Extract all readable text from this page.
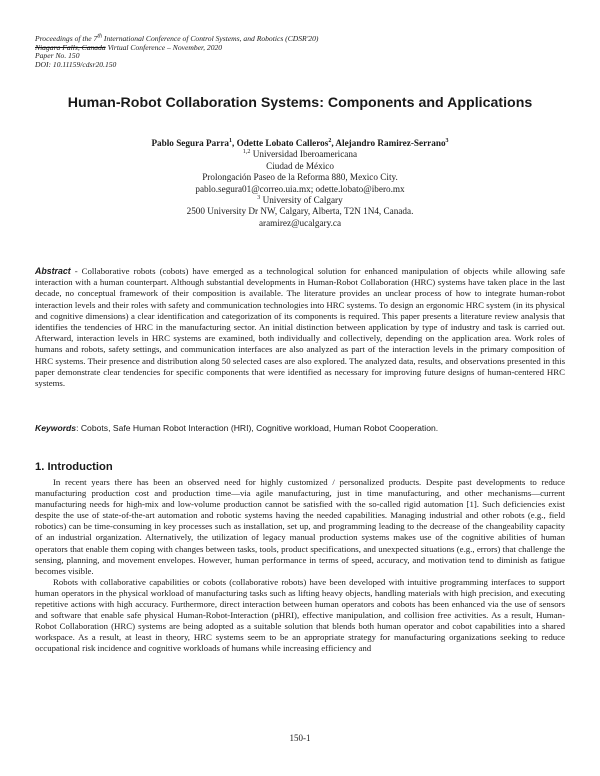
Proceedings of the 7th International Conference of Control Systems, and Robotics (CDSR'20)
Niagara Falls, Canada Virtual Conference – November, 2020
Paper No. 150
DOI: 10.11159/cdsr20.150
Human-Robot Collaboration Systems: Components and Applications
Pablo Segura Parra$^1$, Odette Lobato Calleros$^2$, Alejandro Ramirez-Serrano$^3$
$^{1,2}$ Universidad Iberoamericana
Ciudad de México
Prolongación Paseo de la Reforma 880, Mexico City.
pablo.segura01@correo.uia.mx; odette.lobato@ibero.mx
$^3$ University of Calgary
2500 University Dr NW, Calgary, Alberta, T2N 1N4, Canada.
aramirez@ucalgary.ca
Abstract - Collaborative robots (cobots) have emerged as a technological solution for enhanced manipulation of objects while allowing safe interaction with a human counterpart. Although substantial developments in Human-Robot Collaboration (HRC) systems have taken place in the last decade, no conceptual framework of their composition is available. The literature provides an unclear process of how to integrate human-robot interaction levels and their roles with safety and communication technologies into HRC systems. To design an ergonomic HRC system (in its physical and cognitive dimensions) a clear identification and categorization of its components is required. This paper presents a literature review analysis that identifies the tendencies of HRC in the manufacturing sector. An initial distinction between application by type of industry and task is carried out. Afterward, interaction levels in HRC systems are examined, both individually and collectively, depending on the application area. Work roles of humans and robots, safety settings, and communication interfaces are also analyzed as part of the interaction levels in the primary composition of HRC systems. Their presence and distribution along 50 selected cases are also explored. The analyzed data, results, and observations presented in this paper demonstrate clear tendencies for specific components that were identified as necessary for improving future designs of human-centered HRC systems.
Keywords: Cobots, Safe Human Robot Interaction (HRI), Cognitive workload, Human Robot Cooperation.
1. Introduction

In recent years there has been an observed need for highly customized / personalized products. Despite past developments to reduce manufacturing production cost and production time—via agile manufacturing, just in time manufacturing, and other mechanisms—current manufacturing needs for high-mix and low-volume production cannot be satisfied with the so-called rigid automation [1]. Such deficiencies exist despite the use of state-of-the-art automation and robotic systems having the needed capabilities. Managing industrial and other robots (e.g., field robotics) can be time-consuming in key processes such as installation, set up, and programming leading to the decrease of the changeability capacity of an industrial organization. Alternatively, the utilization of legacy manual production systems makes use of the cognitive abilities of human operators that enable them coping with changes between tasks, tools, product specifications, and unexpected situations (e.g., errors) that challenge the sensing, planning, and movement envelopes. However, human performance in terms of speed, accuracy, and motivation tend to diminish as fatigue becomes visible.

Robots with collaborative capabilities or cobots (collaborative robots) have been developed with intuitive programming interfaces to support human operators in the physical workload of manufacturing tasks such as lifting heavy objects, handling materials with high precision, and executing repetitive actions with high accuracy. Furthermore, direct interaction between human operators and cobots has been enhanced via the use of sensors and software that enable safe physical Human-Robot-Interaction (pHRI), effective manipulation, and collision free activities. As a result, Human-Robot Collaboration (HRC) systems are being adopted as a suitable solution that blends both human operator and cobot capabilities into a shared workspace. As a result, at least in theory, HRC systems seem to be an appropriate strategy for manufacturing organizations seeking to reduce occupational risk incidence and cognitive workloads of humans while increasing efficiency and

150-1
